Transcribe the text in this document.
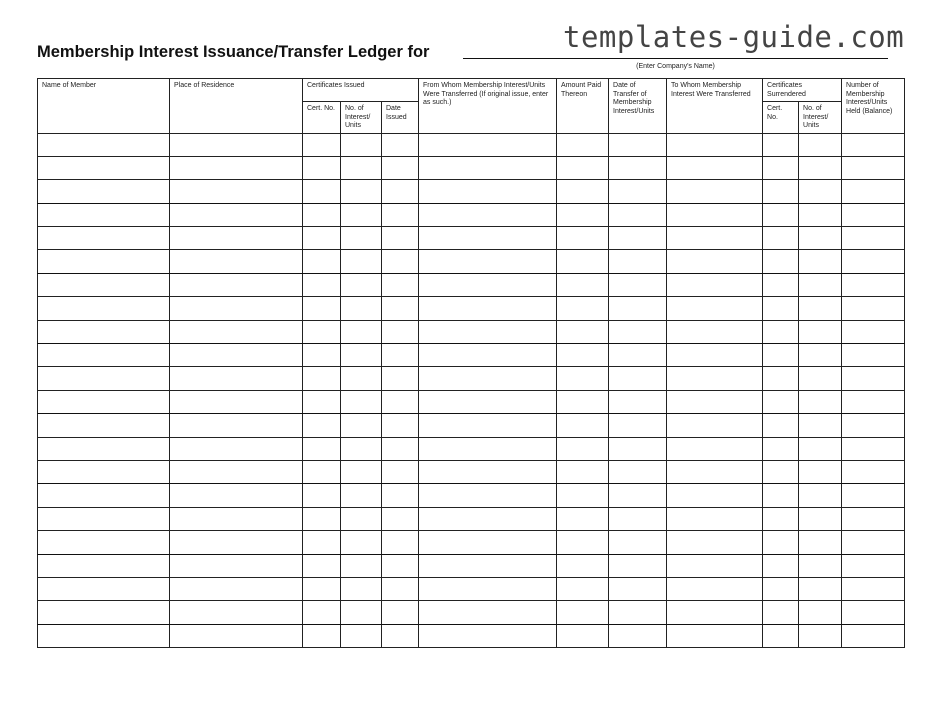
templates-guide.com
Membership Interest Issuance/Transfer Ledger for
(Enter Company's Name)
Name of Member	Place of Residence	Certificates Issued			From Whom Membership Interest/Units Were Transferred (If original issue, enter as such.)	Amount Paid Thereon	Date of Transfer of Membership Interest/Units	To Whom Membership Interest Were Transferred	Certificates Surrendered		Number of Membership Interest/Units Held (Balance)
		Cert. No.	No. of Interest/ Units	Date Issued					Cert. No.	No. of Interest/ Units	
